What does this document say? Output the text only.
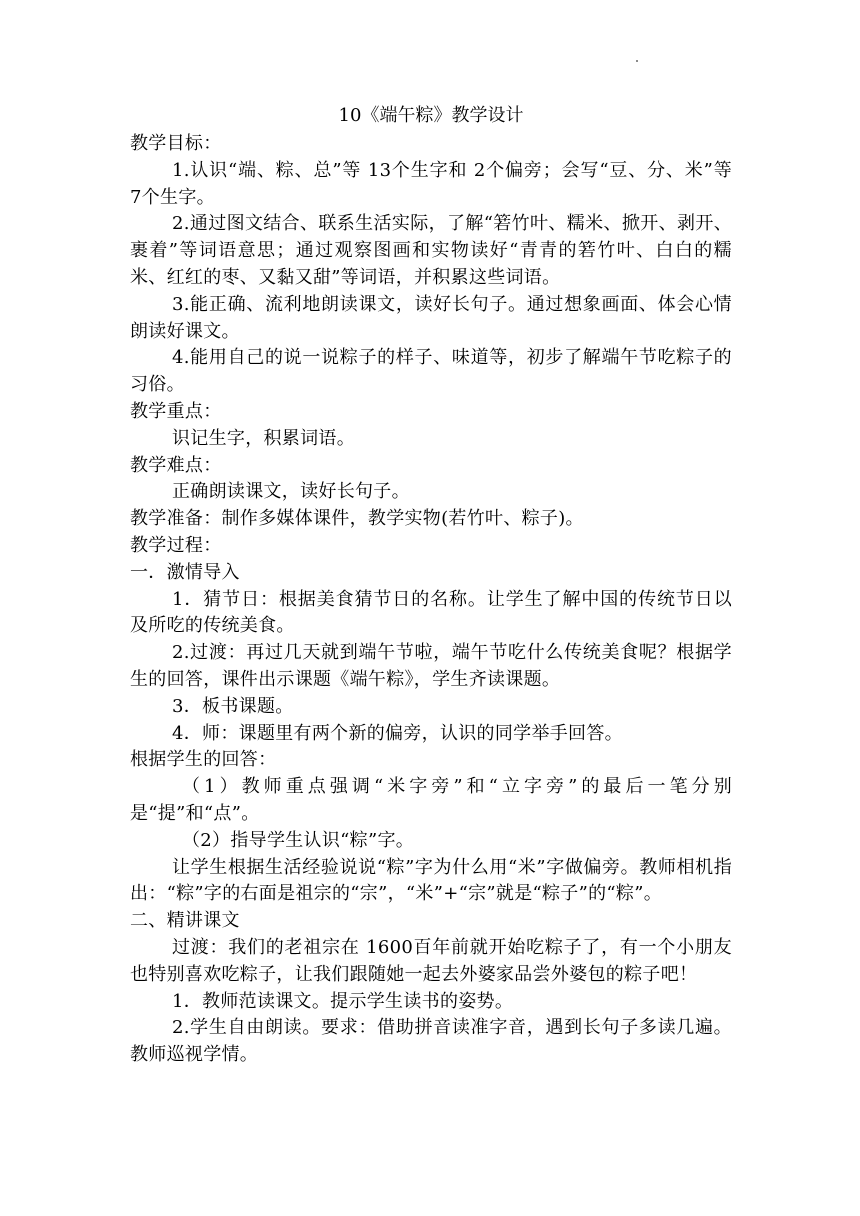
10《端午粽》教学设计

教学目标：

1.认识“端、粽、总”等 13个生字和 2个偏旁；会写“豆、分、米”等 7个生字。

2.通过图文结合、联系生活实际，了解“箬竹叶、糯米、掀开、剥开、裹着”等词语意思；通过观察图画和实物读好“青青的箬竹叶、白白的糯米、红红的枣、又黏又甜”等词语，并积累这些词语。

3.能正确、流利地朗读课文，读好长句子。通过想象画面、体会心情朗读好课文。

4.能用自己的说一说粽子的样子、味道等，初步了解端午节吃粽子的习俗。

教学重点：

识记生字，积累词语。

教学难点：

正确朗读课文，读好长句子。

教学准备：制作多媒体课件，教学实物(若竹叶、粽子)。

教学过程：

一．激情导入

1．猜节日：根据美食猜节日的名称。让学生了解中国的传统节日以及所吃的传统美食。

2.过渡：再过几天就到端午节啦，端午节吃什么传统美食呢？根据学生的回答，课件出示课题《端午粽》，学生齐读课题。

3．板书课题。

4．师：课题里有两个新的偏旁，认识的同学举手回答。

根据学生的回答：

（1）教师重点强调“米字旁”和“立字旁”的最后一笔分别是“提”和“点”。

（2）指导学生认识“粽”字。

让学生根据生活经验说说“粽”字为什么用“米”字做偏旁。教师相机指出：“粽”字的右面是祖宗的“宗”，“米”+“宗”就是“粽子”的“粽”。

二、精讲课文

过渡：我们的老祖宗在 1600百年前就开始吃粽子了，有一个小朋友也特别喜欢吃粽子，让我们跟随她一起去外婆家品尝外婆包的粽子吧！

1．教师范读课文。提示学生读书的姿势。

2.学生自由朗读。要求：借助拼音读准字音，遇到长句子多读几遍。教师巡视学情。
